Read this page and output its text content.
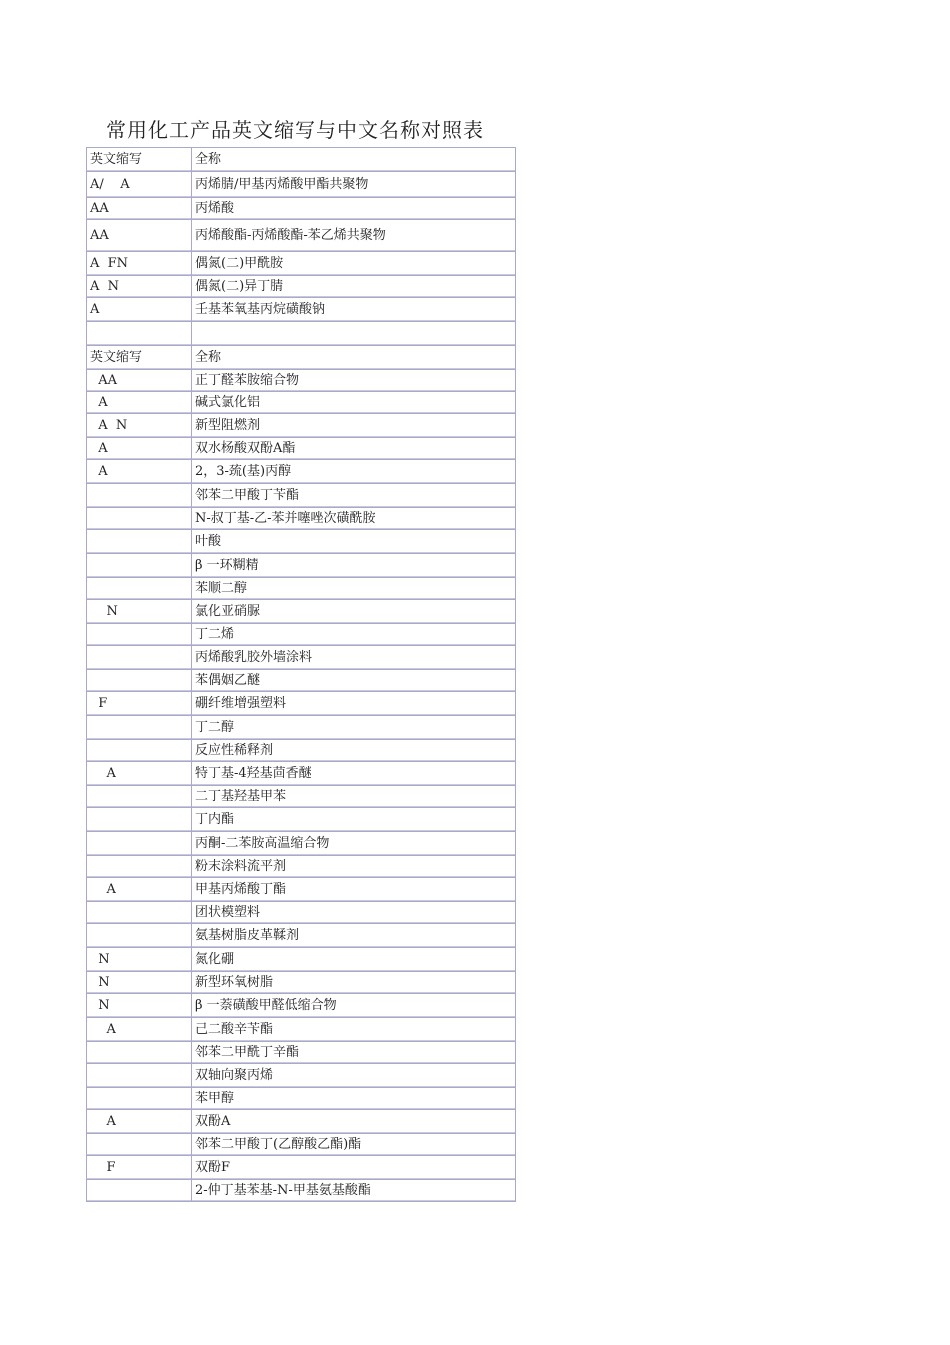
常用化工产品英文缩写与中文名称对照表
英文缩写	全称
A/    A	丙烯腈/甲基丙烯酸甲酯共聚物
AA	丙烯酸
AA	丙烯酸酯-丙烯酸酯-苯乙烯共聚物
A  FN	偶氮(二)甲酰胺
A  N	偶氮(二)异丁腈
A	壬基苯氧基丙烷磺酸钠

英文缩写	全称
AA	正丁醛苯胺缩合物
A	碱式氯化铝
A  N	新型阻燃剂
A	双水杨酸双酚A酯
A	2，3-巯(基)丙醇
	邻苯二甲酸丁苄酯
	N-叔丁基-乙-苯并噻唑次磺酰胺
	叶酸
	β 一环糊精
	苯顺二醇
N	氯化亚硝脲
	丁二烯
	丙烯酸乳胶外墙涂料
	苯偶姻乙醚
F	硼纤维增强塑料
	丁二醇
	反应性稀释剂
A	特丁基-4羟基茴香醚
	二丁基羟基甲苯
	丁内酯
	丙酮-二苯胺高温缩合物
	粉末涂料流平剂
A	甲基丙烯酸丁酯
	团状模塑料
	氨基树脂皮革鞣剂
N	氮化硼
N	新型环氧树脂
N	β 一萘磺酸甲醛低缩合物
A	己二酸辛苄酯
	邻苯二甲酰丁辛酯
	双轴向聚丙烯
	苯甲醇
A	双酚A
	邻苯二甲酸丁(乙醇酸乙酯)酯
F	双酚F
	2-仲丁基苯基-N-甲基氨基酸酯
